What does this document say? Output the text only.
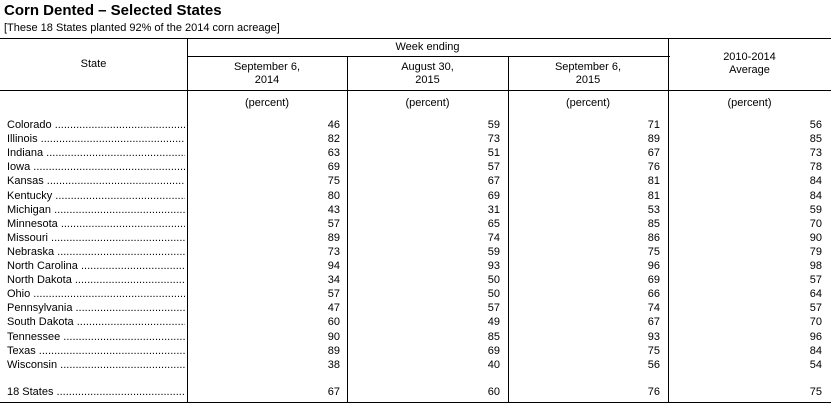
Corn Dented – Selected States
[These 18 States planted 92% of the 2014 corn acreage]
State
Week ending
September 6,
2014
August 30,
2015
September 6,
2015
2010-2014
Average
(percent)	(percent)	(percent)	(percent)
Colorado .....	46	59	71	56
Illinois .....	82	73	89	85
Indiana .....	63	51	67	73
Iowa .....	69	57	76	78
Kansas .....	75	67	81	84
Kentucky .....	80	69	81	84
Michigan .....	43	31	53	59
Minnesota .....	57	65	85	70
Missouri .....	89	74	86	90
Nebraska .....	73	59	75	79
North Carolina .....	94	93	96	98
North Dakota .....	34	50	69	57
Ohio .....	57	50	66	64
Pennsylvania .....	47	57	74	57
South Dakota .....	60	49	67	70
Tennessee .....	90	85	93	96
Texas .....	89	69	75	84
Wisconsin .....	38	40	56	54
18 States .....	67	60	76	75
